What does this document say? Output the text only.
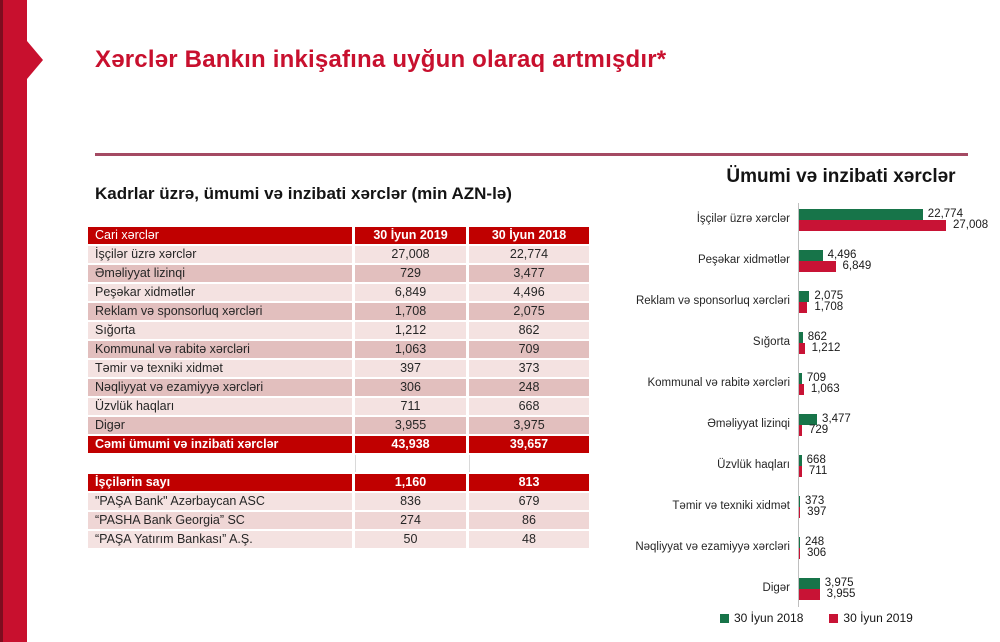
Xərclər Bankın inkişafına uyğun olaraq artmışdır*
Kadrlar üzrə, ümumi və inzibati xərclər (min AZN-lə)
Cari xərclər	30 İyun 2019	30 İyun 2018
İşçilər üzrə xərclər	27,008	22,774
Əməliyyat lizinqi	729	3,477
Peşəkar xidmətlər	6,849	4,496
Reklam və sponsorluq xərcləri	1,708	2,075
Sığorta	1,212	862
Kommunal və rabitə xərcləri	1,063	709
Təmir və texniki xidmət	397	373
Nəqliyyat və ezamiyyə xərcləri	306	248
Üzvlük haqları	711	668
Digər	3,955	3,975
Cəmi ümumi və inzibati xərclər	43,938	39,657
İşçilərin sayı	1,160	813
"PAŞA Bank" Azərbaycan ASC	836	679
“PASHA Bank Georgia” SC	274	86
“PAŞA Yatırım Bankası” A.Ş.	50	48
Ümumi və inzibati xərclər
İşçilər üzrə xərclər	22,774
27,008
Peşəkar xidmətlər	4,496
6,849
Reklam və sponsorluq xərcləri	2,075
1,708
Sığorta	862
1,212
Kommunal və rabitə xərcləri	709
1,063
Əməliyyat lizinqi	3,477
729
Üzvlük haqları	668
711
Təmir və texniki xidmət	373
397
Nəqliyyat və ezamiyyə xərcləri	248
306
Digər	3,975
3,955
30 İyun 2018	30 İyun 2019
